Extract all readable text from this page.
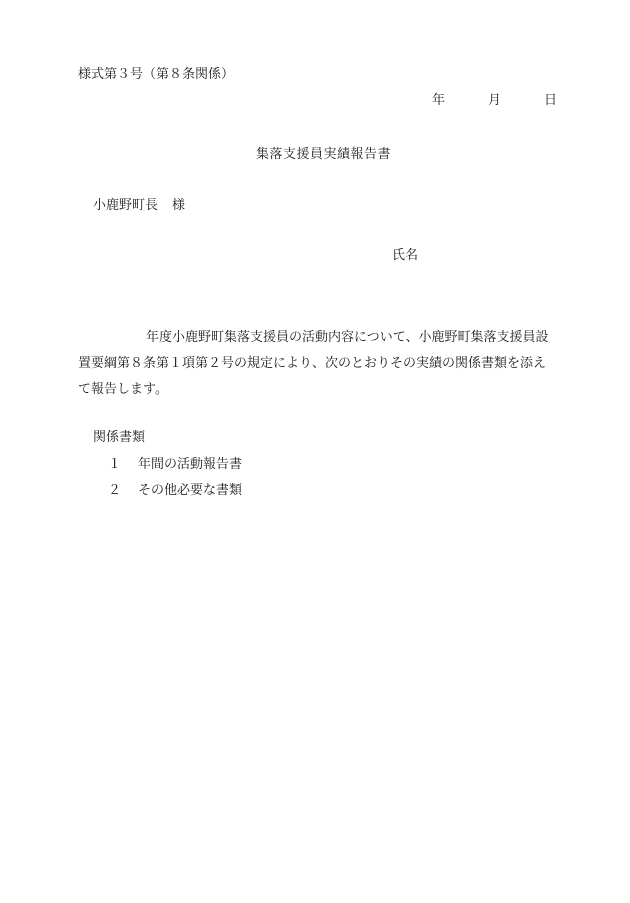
様式第３号（第８条関係）
年	月	日
集落支援員実績報告書
小鹿野町長 様
氏名
年度小鹿野町集落支援員の活動内容について、小鹿野町集落支援員設
置要綱第８条第１項第２号の規定により、次のとおりその実績の関係書類を添え
て報告します。
関係書類
１	年間の活動報告書
２	その他必要な書類
